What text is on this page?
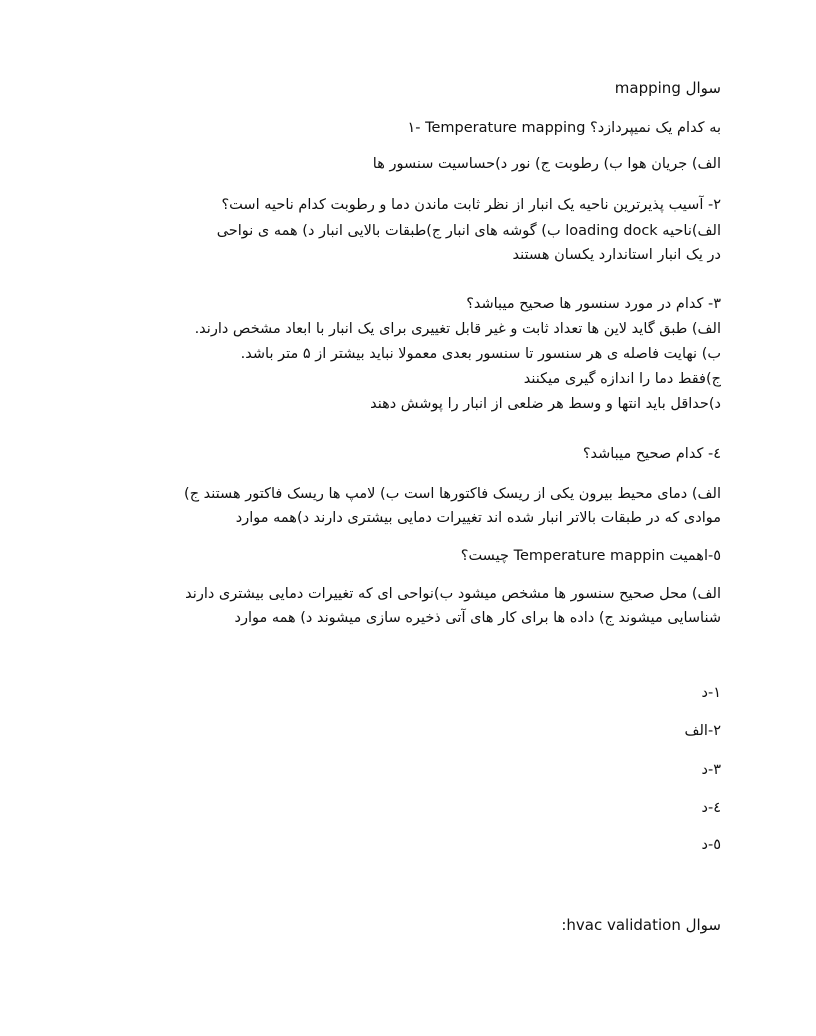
سوال mapping
۱- Temperature mapping به کدام یک نمیپردازد؟
الف) جریان هوا ب) رطوبت ج) نور د)حساسیت سنسور ها
۲- آسیب پذیرترین ناحیه یک انبار از نظر ثابت ماندن دما و رطوبت کدام ناحیه است؟
الف)ناحیه loading dock ب) گوشه های انبار ج)طبقات بالایی انبار د) همه ی نواحی
در یک انبار استاندارد یکسان هستند
۳- کدام در مورد سنسور ها صحیح میباشد؟
الف) طبق گاید لاین ها تعداد ثابت و غیر قابل تغییری برای یک انبار با ابعاد مشخص دارند.
ب) نهایت فاصله ی هر سنسور تا سنسور بعدی معمولا نباید بیشتر از ۵ متر باشد.
ج)فقط دما را اندازه گیری میکنند
د)حداقل باید انتها و وسط هر ضلعی از انبار را پوشش دهند
٤- کدام صحیح میباشد؟
الف) دمای محیط بیرون یکی از ریسک فاکتورها است ب) لامپ ها ریسک فاکتور هستند ج)
موادی که در طبقات بالاتر انبار شده اند تغییرات دمایی بیشتری دارند د)همه موارد
٥-اهمیت Temperature mappin چیست؟
الف) محل صحیح سنسور ها مشخص میشود ب)نواحی ای که تغییرات دمایی بیشتری دارند
شناسایی میشوند ج) داده ها برای کار های آتی ذخیره سازی میشوند د) همه موارد
۱-د
۲-الف
۳-د
٤-د
٥-د
سوال hvac validation:
